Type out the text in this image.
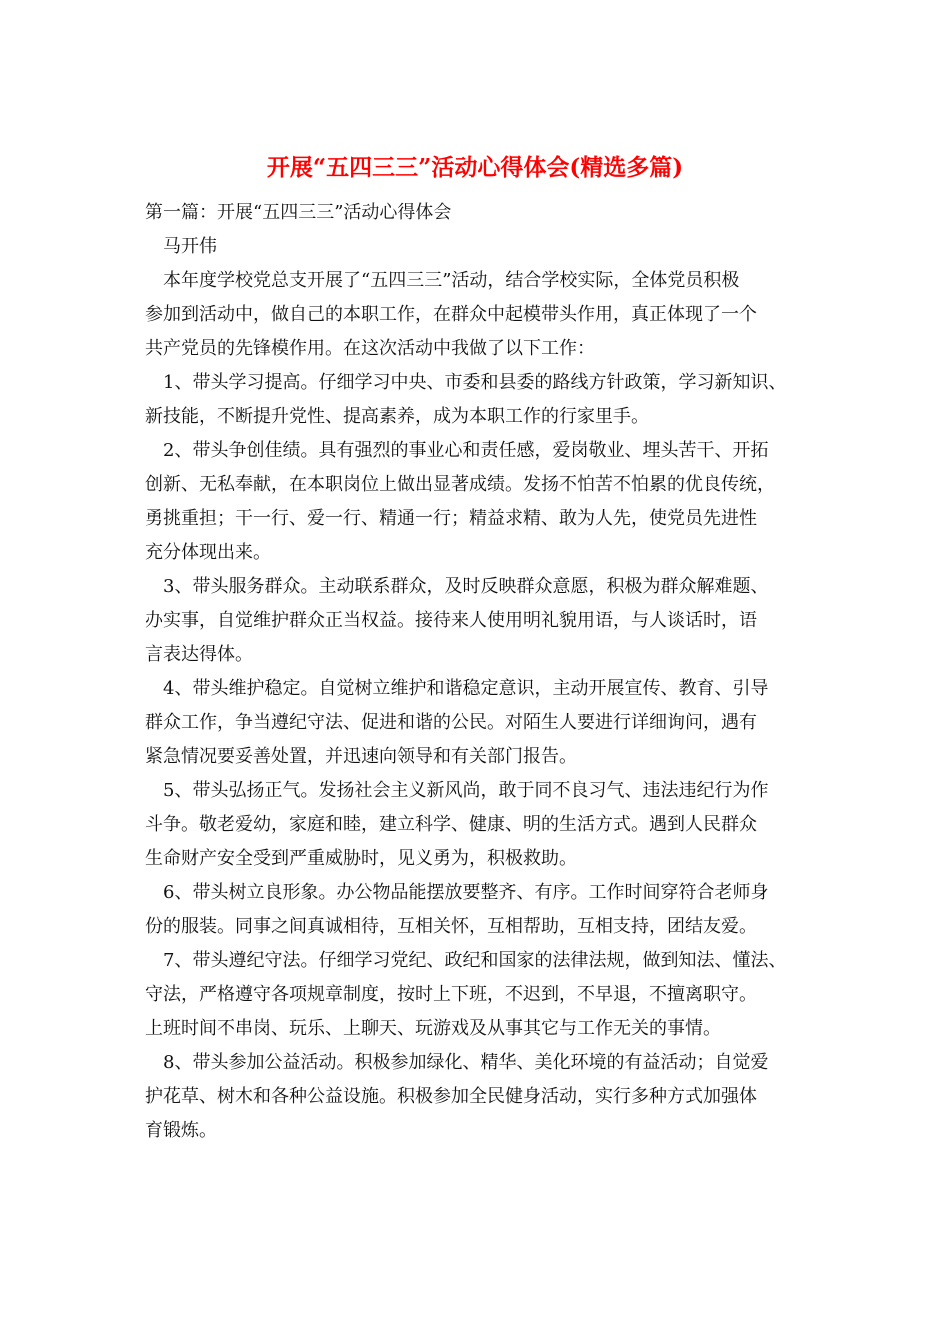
开展“五四三三”活动心得体会(精选多篇)
第一篇：开展“五四三三”活动心得体会
马开伟
本年度学校党总支开展了“五四三三”活动，结合学校实际，全体党员积极
参加到活动中，做自己的本职工作，在群众中起模带头作用，真正体现了一个
共产党员的先锋模作用。在这次活动中我做了以下工作：
1、带头学习提高。仔细学习中央、市委和县委的路线方针政策，学习新知识、
新技能，不断提升党性、提高素养，成为本职工作的行家里手。
2、带头争创佳绩。具有强烈的事业心和责任感，爱岗敬业、埋头苦干、开拓
创新、无私奉献，在本职岗位上做出显著成绩。发扬不怕苦不怕累的优良传统，
勇挑重担；干一行、爱一行、精通一行；精益求精、敢为人先，使党员先进性
充分体现出来。
3、带头服务群众。主动联系群众，及时反映群众意愿，积极为群众解难题、
办实事，自觉维护群众正当权益。接待来人使用明礼貌用语，与人谈话时，语
言表达得体。
4、带头维护稳定。自觉树立维护和谐稳定意识，主动开展宣传、教育、引导
群众工作，争当遵纪守法、促进和谐的公民。对陌生人要进行详细询问，遇有
紧急情况要妥善处置，并迅速向领导和有关部门报告。
5、带头弘扬正气。发扬社会主义新风尚，敢于同不良习气、违法违纪行为作
斗争。敬老爱幼，家庭和睦，建立科学、健康、明的生活方式。遇到人民群众
生命财产安全受到严重威胁时，见义勇为，积极救助。
6、带头树立良形象。办公物品能摆放要整齐、有序。工作时间穿符合老师身
份的服装。同事之间真诚相待，互相关怀，互相帮助，互相支持，团结友爱。
7、带头遵纪守法。仔细学习党纪、政纪和国家的法律法规，做到知法、懂法、
守法，严格遵守各项规章制度，按时上下班，不迟到，不早退，不擅离职守。
上班时间不串岗、玩乐、上聊天、玩游戏及从事其它与工作无关的事情。
8、带头参加公益活动。积极参加绿化、精华、美化环境的有益活动；自觉爱
护花草、树木和各种公益设施。积极参加全民健身活动，实行多种方式加强体
育锻炼。
